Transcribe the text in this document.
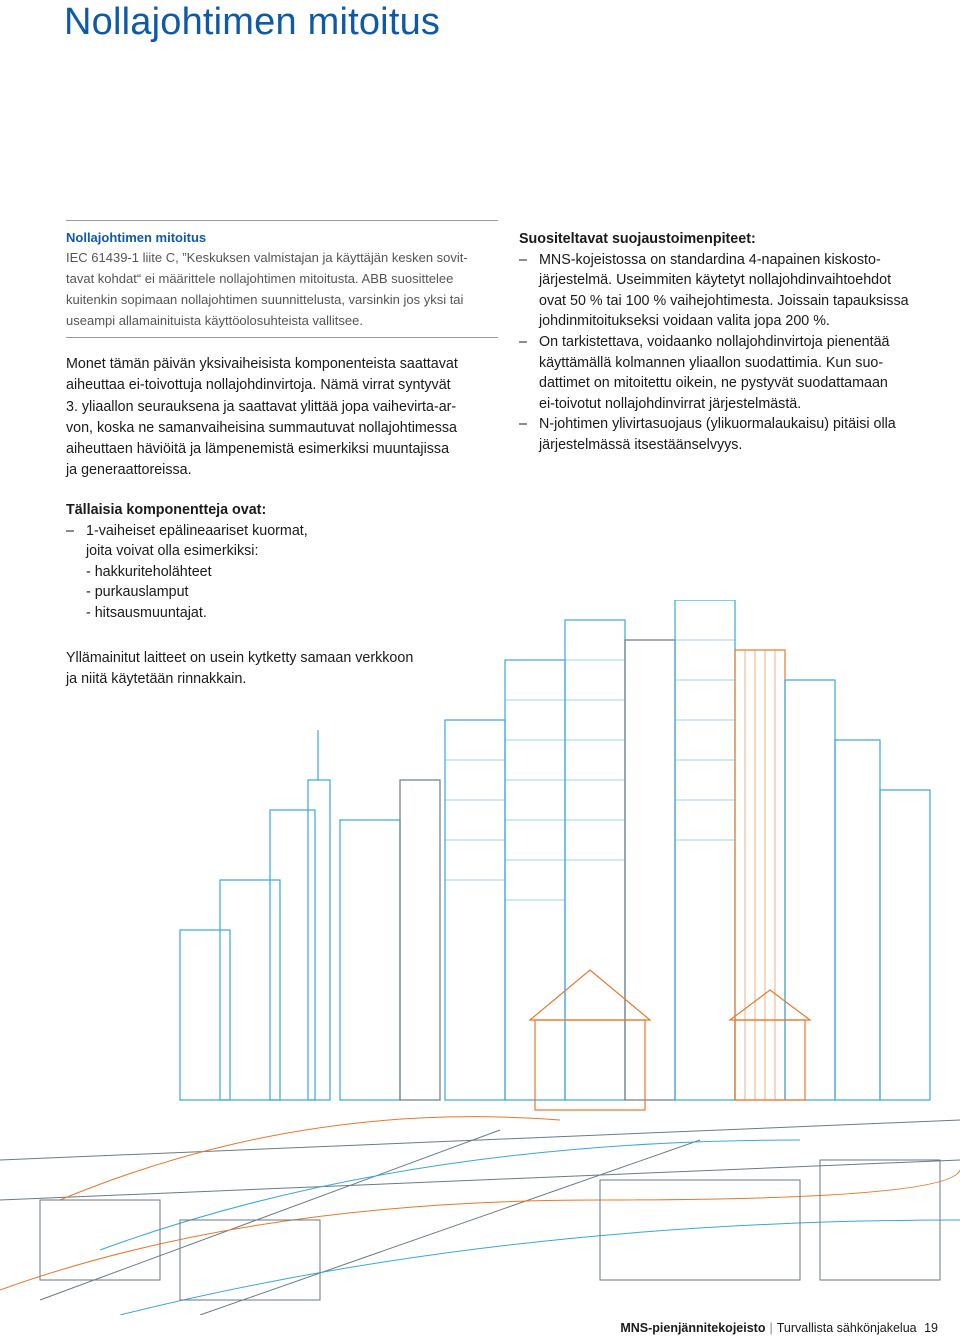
Nollajohtimen mitoitus
Nollajohtimen mitoitus
IEC 61439-1 liite C, ”Keskuksen valmistajan ja käyttäjän kesken sovit-
tavat kohdat“ ei määrittele nollajohtimen mitoitusta. ABB suosittelee
kuitenkin sopimaan nollajohtimen suunnittelusta, varsinkin jos yksi tai
useampi allamainituista käyttöolosuhteista vallitsee.
Monet tämän päivän yksivaiheisista komponenteista saattavat
aiheuttaa ei-toivottuja nollajohdinvirtoja. Nämä virrat syntyvät
3. yliaallon seurauksena ja saattavat ylittää jopa vaihevirta-ar-
von, koska ne samanvaiheisina summautuvat nollajohtimessa
aiheuttaen häviöitä ja lämpenemistä esimerkiksi muuntajissa
ja generaattoreissa.
Tällaisia komponentteja ovat:
– 1-vaiheiset epälineaariset kuormat,
joita voivat olla esimerkiksi:
- hakkuriteholähteet
- purkauslamput
- hitsausmuuntajat.
Yllämainitut laitteet on usein kytketty samaan verkkoon
ja niitä käytetään rinnakkain.
Suositeltavat suojaustoimenpiteet:
– MNS-kojeistossa on standardina 4-napainen kiskosto-
järjestelmä. Useimmiten käytetyt nollajohdinvaihtoehdot
ovat 50 % tai 100 % vaihejohtimesta. Joissain tapauksissa
johdinmitoitukseksi voidaan valita jopa 200 %.
– On tarkistettava, voidaanko nollajohdinvirtoja pienentää
käyttämällä kolmannen yliaallon suodattimia. Kun suo-
dattimet on mitoitettu oikein, ne pystyvät suodattamaan
ei-toivotut nollajohdinvirrat järjestelmästä.
– N-johtimen ylivirtasuojaus (ylikuormalaukaisu) pitäisi olla
järjestelmässä itsestäänselvyys.
MNS-pienjännitekojeisto | Turvallista sähkönjakelua 19
